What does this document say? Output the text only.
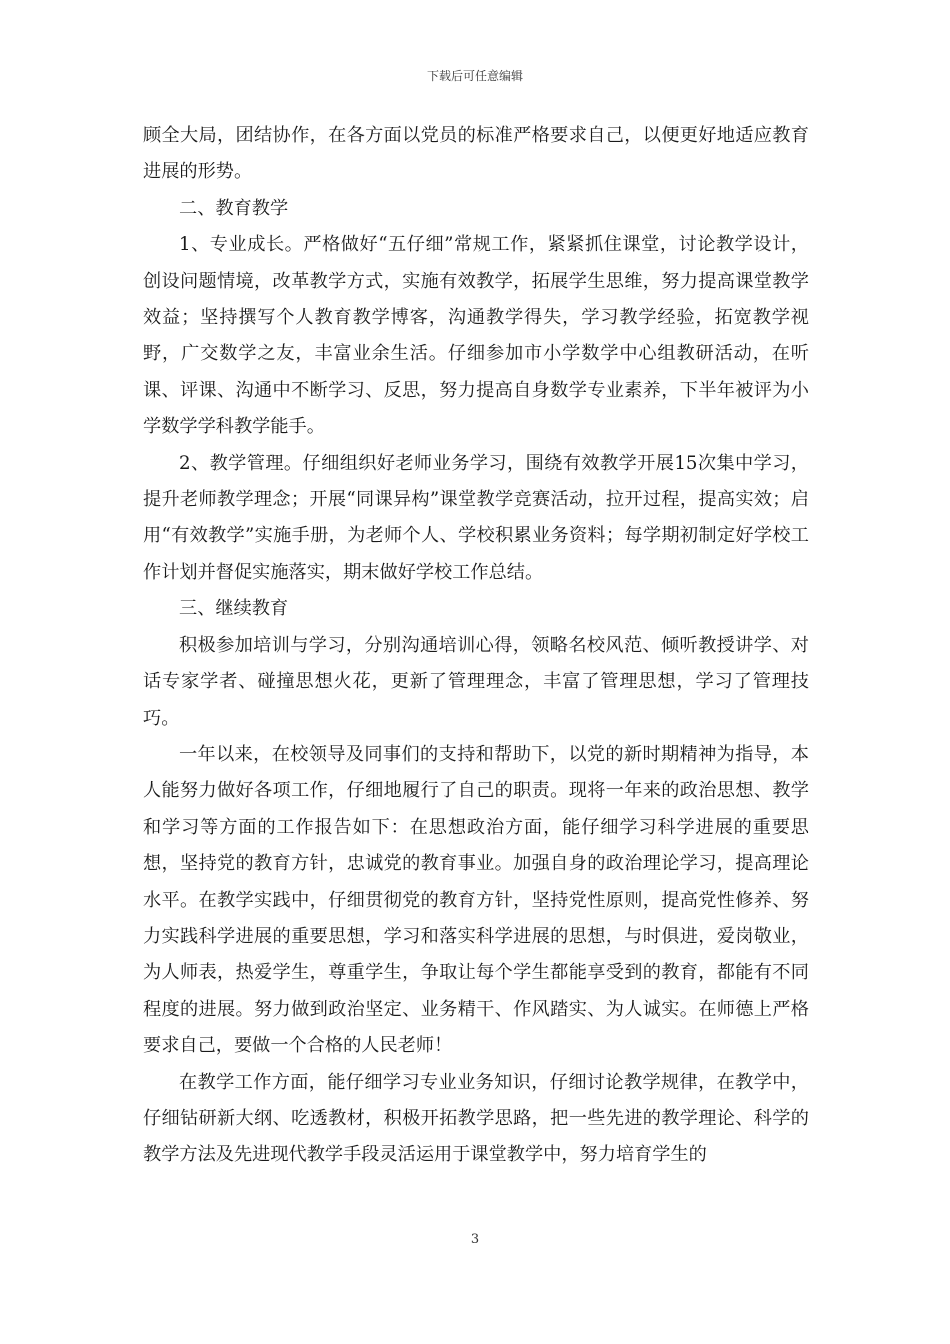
下载后可任意编辑

顾全大局，团结协作，在各方面以党员的标准严格要求自己，以便更好地适应教育进展的形势。

二、教育教学

1、专业成长。严格做好“五仔细”常规工作，紧紧抓住课堂，讨论教学设计，创设问题情境，改革教学方式，实施有效教学，拓展学生思维，努力提高课堂教学效益；坚持撰写个人教育教学博客，沟通教学得失，学习教学经验，拓宽教学视野，广交数学之友，丰富业余生活。仔细参加市小学数学中心组教研活动，在听课、评课、沟通中不断学习、反思，努力提高自身数学专业素养，下半年被评为小学数学学科教学能手。

2、教学管理。仔细组织好老师业务学习，围绕有效教学开展15次集中学习，提升老师教学理念；开展“同课异构”课堂教学竞赛活动，拉开过程，提高实效；启用“有效教学”实施手册，为老师个人、学校积累业务资料；每学期初制定好学校工作计划并督促实施落实，期末做好学校工作总结。

三、继续教育

积极参加培训与学习，分别沟通培训心得，领略名校风范、倾听教授讲学、对话专家学者、碰撞思想火花，更新了管理理念，丰富了管理思想，学习了管理技巧。

一年以来，在校领导及同事们的支持和帮助下，以党的新时期精神为指导，本人能努力做好各项工作，仔细地履行了自己的职责。现将一年来的政治思想、教学和学习等方面的工作报告如下：在思想政治方面，能仔细学习科学进展的重要思想，坚持党的教育方针，忠诚党的教育事业。加强自身的政治理论学习，提高理论水平。在教学实践中，仔细贯彻党的教育方针，坚持党性原则，提高党性修养、努力实践科学进展的重要思想，学习和落实科学进展的思想，与时俱进，爱岗敬业，为人师表，热爱学生，尊重学生，争取让每个学生都能享受到的教育，都能有不同程度的进展。努力做到政治坚定、业务精干、作风踏实、为人诚实。在师德上严格要求自己，要做一个合格的人民老师！

在教学工作方面，能仔细学习专业业务知识，仔细讨论教学规律，在教学中，仔细钻研新大纲、吃透教材，积极开拓教学思路，把一些先进的教学理论、科学的教学方法及先进现代教学手段灵活运用于课堂教学中，努力培育学生的

3
